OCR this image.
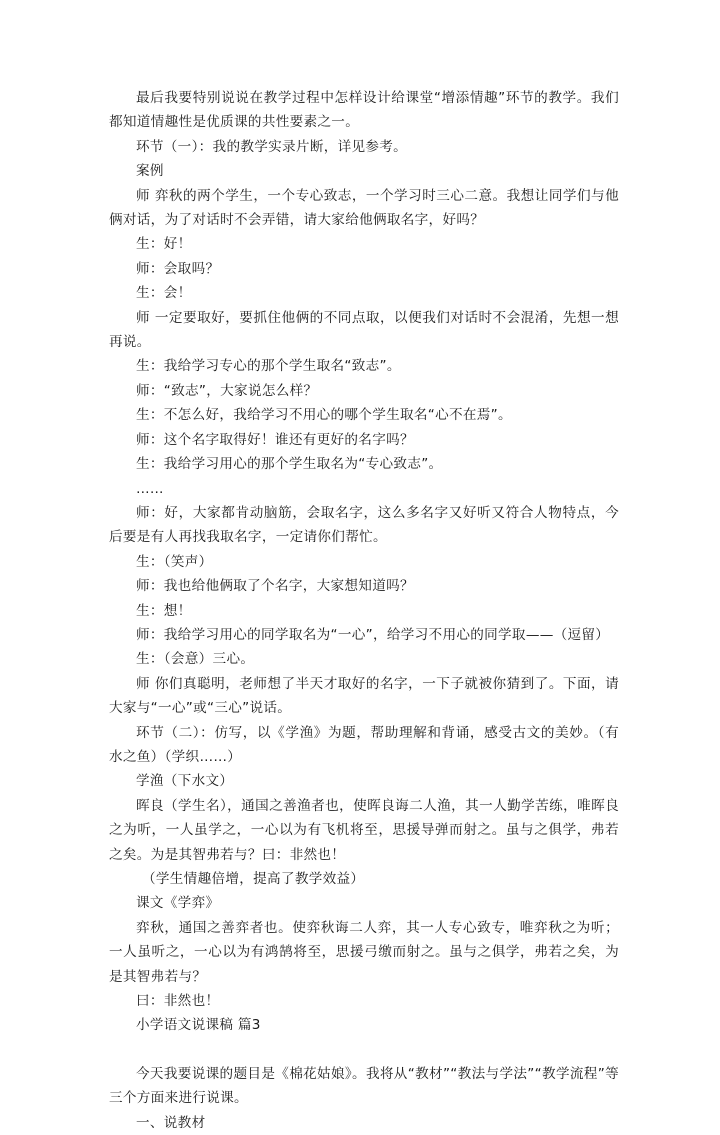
最后我要特别说说在教学过程中怎样设计给课堂“增添情趣”环节的教学。我们都知道情趣性是优质课的共性要素之一。

环节（一）：我的教学实录片断，详见参考。

案例

师 弈秋的两个学生，一个专心致志，一个学习时三心二意。我想让同学们与他俩对话，为了对话时不会弄错，请大家给他俩取名字，好吗？

生：好！

师：会取吗？

生：会！

师 一定要取好，要抓住他俩的不同点取，以便我们对话时不会混淆，先想一想再说。

生：我给学习专心的那个学生取名“致志”。

师：“致志”，大家说怎么样？

生：不怎么好，我给学习不用心的哪个学生取名“心不在焉”。

师：这个名字取得好！谁还有更好的名字吗？

生：我给学习用心的那个学生取名为“专心致志”。

……

师：好，大家都肯动脑筋，会取名字，这么多名字又好听又符合人物特点，今后要是有人再找我取名字，一定请你们帮忙。

生：（笑声）

师：我也给他俩取了个名字，大家想知道吗？

生：想！

师：我给学习用心的同学取名为“一心”，给学习不用心的同学取——（逗留）

生：（会意）三心。

师 你们真聪明，老师想了半天才取好的名字，一下子就被你猜到了。下面，请大家与“一心”或“三心”说话。

环节（二）：仿写，以《学渔》为题，帮助理解和背诵，感受古文的美妙。（有水之鱼）（学织……）

学渔（下水文）

晖良（学生名），通国之善渔者也，使晖良诲二人渔，其一人勤学苦练，唯晖良之为听，一人虽学之，一心以为有飞机将至，思援导弹而射之。虽与之俱学，弗若之矣。为是其智弗若与？曰：非然也！

（学生情趣倍增，提高了教学效益）

课文《学弈》

弈秋，通国之善弈者也。使弈秋诲二人弈，其一人专心致专，唯弈秋之为听；一人虽听之，一心以为有鸿鹄将至，思援弓缴而射之。虽与之俱学，弗若之矣，为是其智弗若与？

曰：非然也！

小学语文说课稿 篇3

今天我要说课的题目是《棉花姑娘》。我将从“教材”“教法与学法”“教学流程”等三个方面来进行说课。

一、说教材
